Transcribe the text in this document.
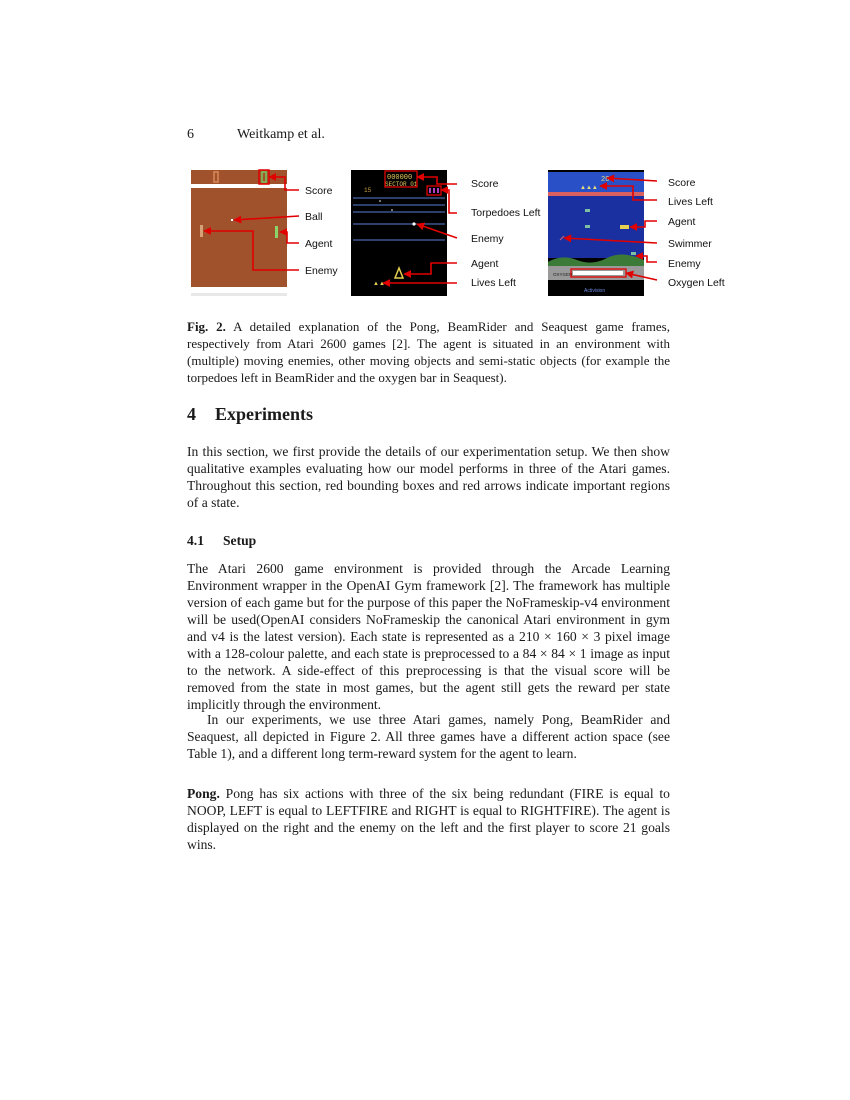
6	Weitkamp et al.
Score
Ball
Agent
Enemy
000000
SECTOR 01
15
▲▲
Score
Torpedoes Left
Enemy
Agent
Lives Left
20
▲▲▲
OXYGEN
Activision
Score
Lives Left
Agent
Swimmer
Enemy
Oxygen Left
Fig. 2. A detailed explanation of the Pong, BeamRider and Seaquest game frames, respectively from Atari 2600 games [2]. The agent is situated in an environment with (multiple) moving enemies, other moving objects and semi-static objects (for example the torpedoes left in BeamRider and the oxygen bar in Seaquest).
4 Experiments

In this section, we first provide the details of our experimentation setup. We then show qualitative examples evaluating how our model performs in three of the Atari games. Throughout this section, red bounding boxes and red arrows indicate important regions of a state.

4.1 Setup

The Atari 2600 game environment is provided through the Arcade Learning Environment wrapper in the OpenAI Gym framework [2]. The framework has multiple version of each game but for the purpose of this paper the NoFrameskip-v4 environment will be used(OpenAI considers NoFrameskip the canonical Atari environment in gym and v4 is the latest version). Each state is represented as a 210 × 160 × 3 pixel image with a 128-colour palette, and each state is preprocessed to a 84 × 84 × 1 image as input to the network. A side-effect of this preprocessing is that the visual score will be removed from the state in most games, but the agent still gets the reward per state implicitly through the environment.

In our experiments, we use three Atari games, namely Pong, BeamRider and Seaquest, all depicted in Figure 2. All three games have a different action space (see Table 1), and a different long term-reward system for the agent to learn.

Pong. Pong has six actions with three of the six being redundant (FIRE is equal to NOOP, LEFT is equal to LEFTFIRE and RIGHT is equal to RIGHTFIRE). The agent is displayed on the right and the enemy on the left and the first player to score 21 goals wins.
